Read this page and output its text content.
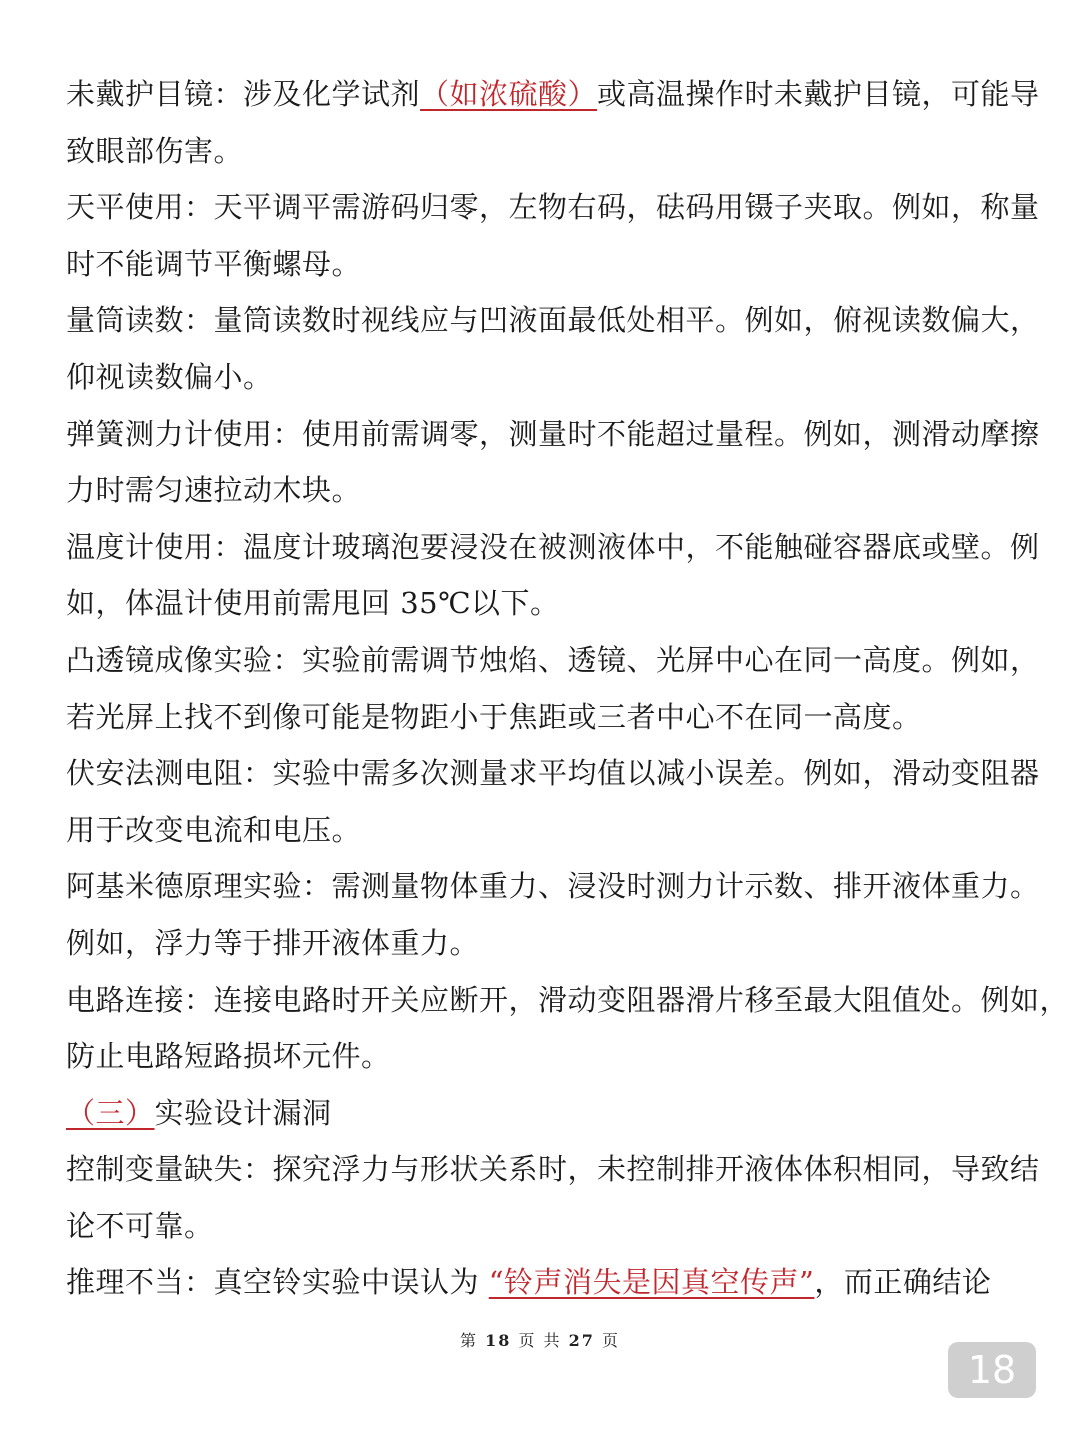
未戴护目镜：涉及化学试剂（如浓硫酸）或高温操作时未戴护目镜，可能导
致眼部伤害。
天平使用：天平调平需游码归零，左物右码，砝码用镊子夹取。例如，称量
时不能调节平衡螺母。
量筒读数：量筒读数时视线应与凹液面最低处相平。例如，俯视读数偏大，
仰视读数偏小。
弹簧测力计使用：使用前需调零，测量时不能超过量程。例如，测滑动摩擦
力时需匀速拉动木块。
温度计使用：温度计玻璃泡要浸没在被测液体中，不能触碰容器底或壁。例
如，体温计使用前需甩回 35℃以下。
凸透镜成像实验：实验前需调节烛焰、透镜、光屏中心在同一高度。例如，
若光屏上找不到像可能是物距小于焦距或三者中心不在同一高度。
伏安法测电阻：实验中需多次测量求平均值以减小误差。例如，滑动变阻器
用于改变电流和电压。
阿基米德原理实验：需测量物体重力、浸没时测力计示数、排开液体重力。
例如，浮力等于排开液体重力。
电路连接：连接电路时开关应断开，滑动变阻器滑片移至最大阻值处。例如，
防止电路短路损坏元件。
（三）实验设计漏洞
控制变量缺失：探究浮力与形状关系时，未控制排开液体体积相同，导致结
论不可靠。
推理不当：真空铃实验中误认为 “铃声消失是因真空传声”，而正确结论
第 18 页 共 27 页
18
